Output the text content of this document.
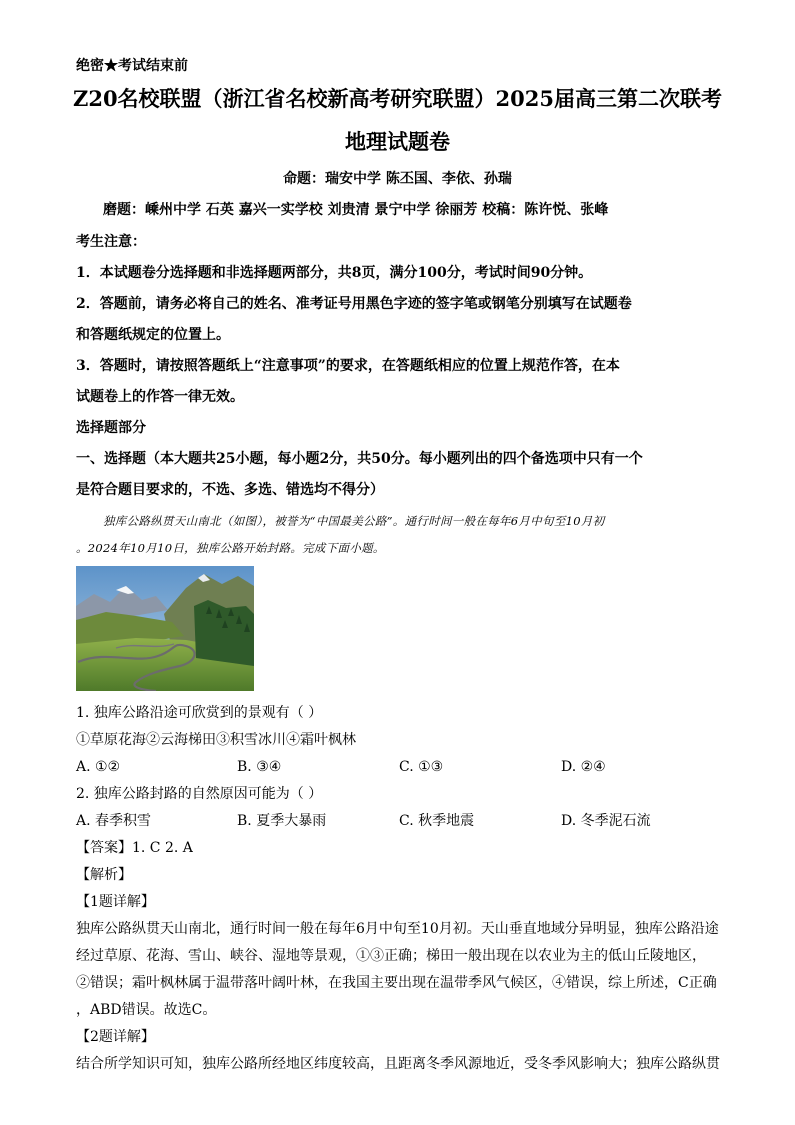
绝密★考试结束前
Z20名校联盟（浙江省名校新高考研究联盟）2025届高三第二次联考
地理试题卷
命题：瑞安中学 陈丕国、李依、孙瑞
磨题：嵊州中学 石英 嘉兴一实学校 刘贵清 景宁中学 徐丽芳 校稿：陈许悦、张峰
考生注意：
1．本试题卷分选择题和非选择题两部分，共8页，满分100分，考试时间90分钟。
2．答题前，请务必将自己的姓名、准考证号用黑色字迹的签字笔或钢笔分别填写在试题卷
和答题纸规定的位置上。
3．答题时，请按照答题纸上“注意事项”的要求，在答题纸相应的位置上规范作答，在本
试题卷上的作答一律无效。
选择题部分
一、选择题（本大题共25小题，每小题2分，共50分。每小题列出的四个备选项中只有一个
是符合题目要求的，不选、多选、错选均不得分）
独库公路纵贯天山南北（如图），被誉为“中国最美公路”。通行时间一般在每年6月中旬至10月初
。2024年10月10日，独库公路开始封路。完成下面小题。
1. 独库公路沿途可欣赏到的景观有（ ）
①草原花海②云海梯田③积雪冰川④霜叶枫林
A. ①②	B. ③④	C. ①③	D. ②④
2. 独库公路封路的自然原因可能为（ ）
A. 春季积雪	B. 夏季大暴雨	C. 秋季地震	D. 冬季泥石流
【答案】1. C 2. A
【解析】
【1题详解】
独库公路纵贯天山南北，通行时间一般在每年6月中旬至10月初。天山垂直地域分异明显，独库公路沿途
经过草原、花海、雪山、峡谷、湿地等景观，①③正确；梯田一般出现在以农业为主的低山丘陵地区，
②错误；霜叶枫林属于温带落叶阔叶林，在我国主要出现在温带季风气候区，④错误，综上所述，C正确
，ABD错误。故选C。
【2题详解】
结合所学知识可知，独库公路所经地区纬度较高，且距离冬季风源地近，受冬季风影响大；独库公路纵贯
